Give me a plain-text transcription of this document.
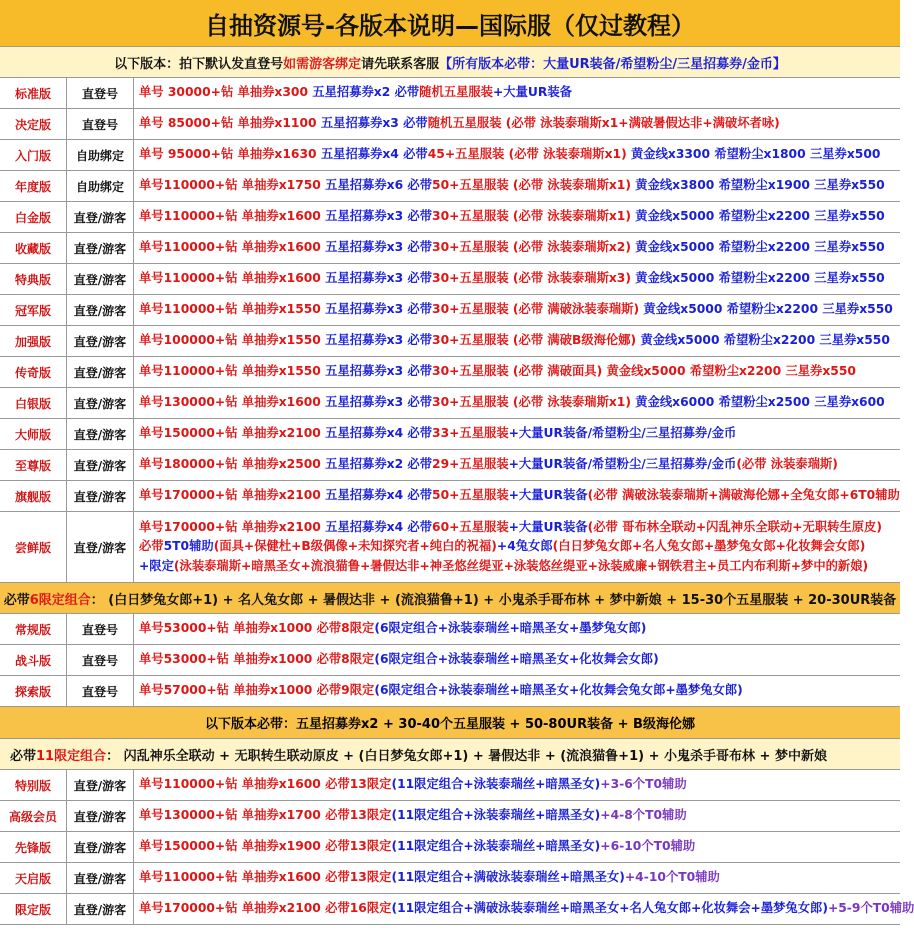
自抽资源号-各版本说明—国际服（仅过教程）
以下版本：拍下默认发直登号 如需游客绑定 请先联系客服 【所有版本必带：大量UR装备/希望粉尘/三星招募券/金币】
标准版	直登号	单号 30000+钻 单抽券x300 五星招募券x2 必带随机五星服装+大量UR装备
决定版	直登号	单号 85000+钻 单抽券x1100 五星招募券x3 必带随机五星服装 (必带 泳装泰瑞斯x1+满破暑假达非+满破坏者咏)
入门版	自助绑定	单号 95000+钻 单抽券x1630 五星招募券x4 必带45+五星服装 (必带 泳装泰瑞斯x1) 黄金线x3300 希望粉尘x1800 三星券x500
年度版	自助绑定	单号110000+钻 单抽券x1750 五星招募券x6 必带50+五星服装 (必带 泳装泰瑞斯x1) 黄金线x3800 希望粉尘x1900 三星券x550
白金版	直登/游客	单号110000+钻 单抽券x1600 五星招募券x3 必带30+五星服装 (必带 泳装泰瑞斯x1) 黄金线x5000 希望粉尘x2200 三星券x550
收藏版	直登/游客	单号110000+钻 单抽券x1600 五星招募券x3 必带30+五星服装 (必带 泳装泰瑞斯x2) 黄金线x5000 希望粉尘x2200 三星券x550
特典版	直登/游客	单号110000+钻 单抽券x1600 五星招募券x3 必带30+五星服装 (必带 泳装泰瑞斯x3) 黄金线x5000 希望粉尘x2200 三星券x550
冠军版	直登/游客	单号110000+钻 单抽券x1550 五星招募券x3 必带30+五星服装 (必带 满破泳装泰瑞斯) 黄金线x5000 希望粉尘x2200 三星券x550
加强版	直登/游客	单号100000+钻 单抽券x1550 五星招募券x3 必带30+五星服装 (必带 满破B级海伦娜) 黄金线x5000 希望粉尘x2200 三星券x550
传奇版	直登/游客	单号110000+钻 单抽券x1550 五星招募券x3 必带30+五星服装 (必带 满破面具) 黄金线x5000 希望粉尘x2200 三星券x550
白银版	直登/游客	单号130000+钻 单抽券x1600 五星招募券x3 必带30+五星服装 (必带 泳装泰瑞斯x1) 黄金线x6000 希望粉尘x2500 三星券x600
大师版	直登/游客	单号150000+钻 单抽券x2100 五星招募券x4 必带33+五星服装+大量UR装备/希望粉尘/三星招募券/金币
至尊版	直登/游客	单号180000+钻 单抽券x2500 五星招募券x2 必带29+五星服装+大量UR装备/希望粉尘/三星招募券/金币(必带 泳装泰瑞斯)
旗舰版	直登/游客	单号170000+钻 单抽券x2100 五星招募券x4 必带50+五星服装+大量UR装备(必带 满破泳装泰瑞斯+满破海伦娜+全兔女郎+6T0辅助
尝鲜版	直登/游客
单号170000+钻 单抽券x2100 五星招募券x4 必带60+五星服装+大量UR装备(必带 哥布林全联动+闪乱神乐全联动+无职转生原皮)
必带5T0辅助(面具+保健杜+B级偶像+未知探究者+纯白的祝福)+4兔女郎(白日梦兔女郎+名人兔女郎+墨梦兔女郎+化妆舞会女郎)
+限定(泳装泰瑞斯+暗黑圣女+流浪猫鲁+暑假达非+神圣悠丝缇亚+泳装悠丝缇亚+泳装威廉+钢铁君主+员工内布利斯+梦中的新娘)
必带 6限定组合 ： (白日梦兔女郎+1) + 名人兔女郎 + 暑假达非 + (流浪猫鲁+1) + 小鬼杀手哥布林 + 梦中新娘 + 15-30个五星服装 + 20-30UR装备
常规版	直登号	单号53000+钻 单抽券x1000 必带8限定(6限定组合+泳装泰瑞丝+暗黑圣女+墨梦兔女郎)
战斗版	直登号	单号53000+钻 单抽券x1000 必带8限定(6限定组合+泳装泰瑞丝+暗黑圣女+化妆舞会女郎)
探索版	直登号	单号57000+钻 单抽券x1000 必带9限定(6限定组合+泳装泰瑞丝+暗黑圣女+化妆舞会兔女郎+墨梦兔女郎)
以下版本必带：五星招募券x2 + 30-40个五星服装 + 50-80UR装备 + B级海伦娜
必带 11限定组合 ： 闪乱神乐全联动 + 无职转生联动原皮 + (白日梦兔女郎+1) + 暑假达非 + (流浪猫鲁+1) + 小鬼杀手哥布林 + 梦中新娘
特别版	直登/游客	单号110000+钻 单抽券x1600 必带13限定(11限定组合+泳装泰瑞丝+暗黑圣女)+3-6个T0辅助
高级会员	直登/游客	单号130000+钻 单抽券x1700 必带13限定(11限定组合+泳装泰瑞丝+暗黑圣女)+4-8个T0辅助
先锋版	直登/游客	单号150000+钻 单抽券x1900 必带13限定(11限定组合+泳装泰瑞丝+暗黑圣女)+6-10个T0辅助
天启版	直登/游客	单号110000+钻 单抽券x1600 必带13限定(11限定组合+满破泳装泰瑞丝+暗黑圣女)+4-10个T0辅助
限定版	直登/游客	单号170000+钻 单抽券x2100 必带16限定(11限定组合+满破泳装泰瑞丝+暗黑圣女+名人兔女郎+化妆舞会+墨梦兔女郎)+5-9个T0辅助
